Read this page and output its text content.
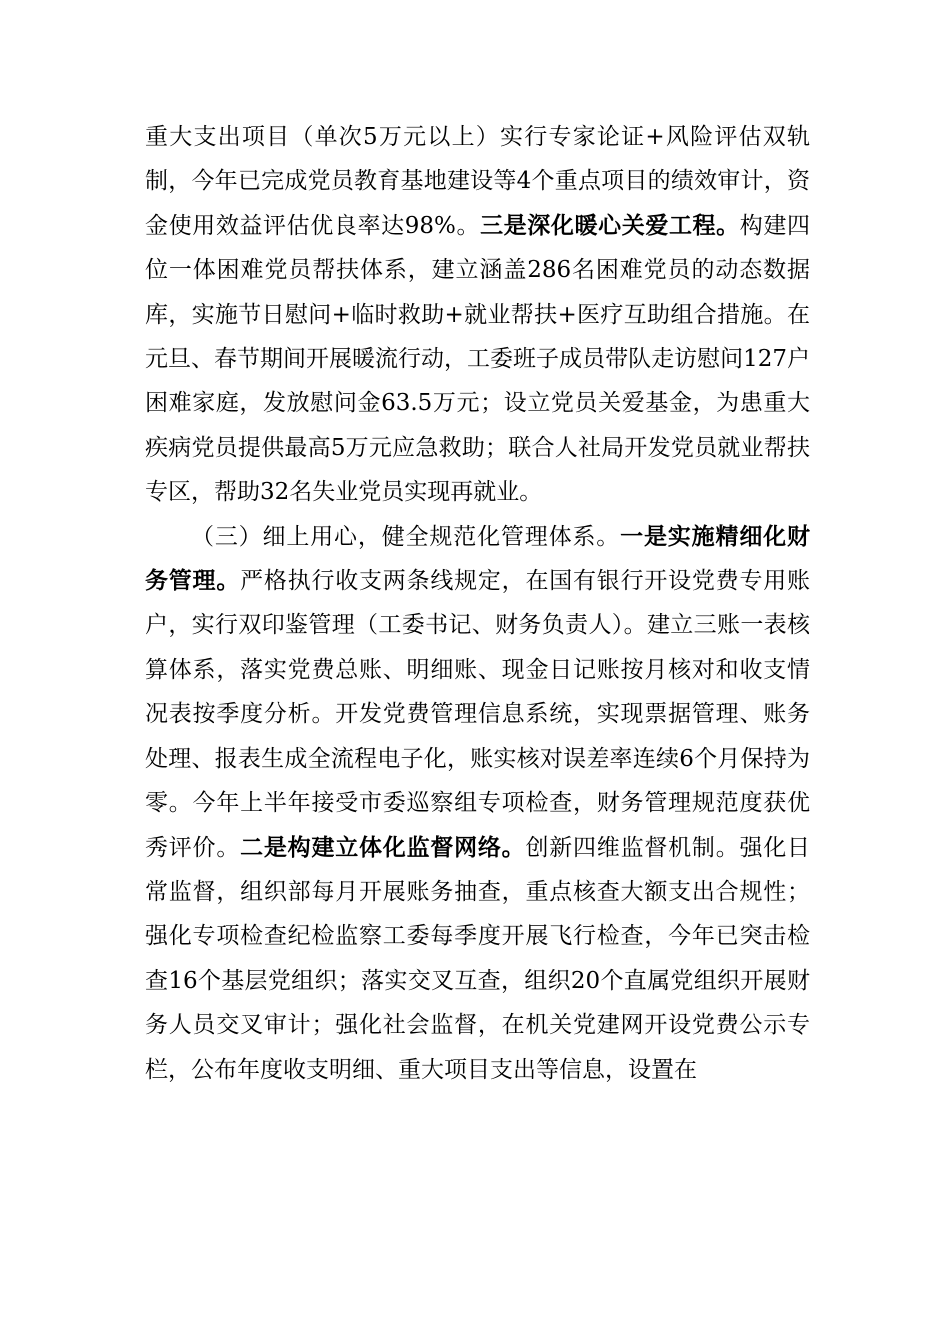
重大支出项目（单次5万元以上）实行专家论证+风险评估双轨制，今年已完成党员教育基地建设等4个重点项目的绩效审计，资金使用效益评估优良率达98%。三是深化暖心关爱工程。构建四位一体困难党员帮扶体系，建立涵盖286名困难党员的动态数据库，实施节日慰问+临时救助+就业帮扶+医疗互助组合措施。在元旦、春节期间开展暖流行动，工委班子成员带队走访慰问127户困难家庭，发放慰问金63.5万元；设立党员关爱基金，为患重大疾病党员提供最高5万元应急救助；联合人社局开发党员就业帮扶专区，帮助32名失业党员实现再就业。

（三）细上用心，健全规范化管理体系。一是实施精细化财务管理。严格执行收支两条线规定，在国有银行开设党费专用账户，实行双印鉴管理（工委书记、财务负责人）。建立三账一表核算体系，落实党费总账、明细账、现金日记账按月核对和收支情况表按季度分析。开发党费管理信息系统，实现票据管理、账务处理、报表生成全流程电子化，账实核对误差率连续6个月保持为零。今年上半年接受市委巡察组专项检查，财务管理规范度获优秀评价。二是构建立体化监督网络。创新四维监督机制。强化日常监督，组织部每月开展账务抽查，重点核查大额支出合规性；强化专项检查纪检监察工委每季度开展飞行检查，今年已突击检查16个基层党组织；落实交叉互查，组织20个直属党组织开展财务人员交叉审计；强化社会监督，在机关党建网开设党费公示专栏，公布年度收支明细、重大项目支出等信息，设置在
